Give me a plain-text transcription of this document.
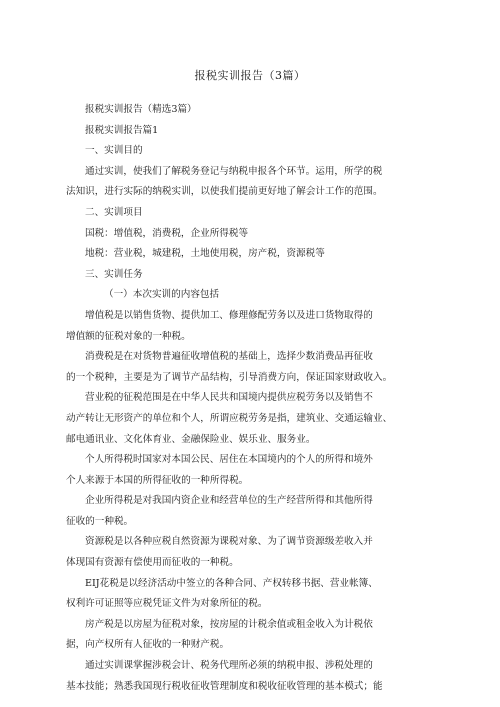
报税实训报告（3篇）
报税实训报告（精选3篇）
报税实训报告篇1
一、实训目的
通过实训，使我们了解税务登记与纳税申报各个环节。运用，所学的税
法知识，进行实际的纳税实训，以使我们提前更好地了解会计工作的范围。
二、实训项目
国税：增值税，消费税，企业所得税等
地税：营业税，城建税，土地使用税，房产税，资源税等
三、实训任务
（一）本次实训的内容包括
增值税是以销售货物、提供加工、修理修配劳务以及进口货物取得的
增值额的征税对象的一种税。
消费税是在对货物普遍征收增值税的基础上，选择少数消费品再征收
的一个税种，主要是为了调节产品结构，引导消费方向，保证国家财政收入。
营业税的征税范围是在中华人民共和国境内提供应税劳务以及销售不
动产转让无形资产的单位和个人，所谓应税劳务是指，建筑业、交通运输业、
邮电通讯业、文化体育业、金融保险业、娱乐业、服务业。
个人所得税时国家对本国公民、居住在本国境内的个人的所得和境外
个人来源于本国的所得征收的一种所得税。
企业所得税是对我国内资企业和经营单位的生产经营所得和其他所得
征收的一种税。
资源税是以各种应税自然资源为课税对象、为了调节资源级差收入并
体现国有资源有偿使用而征收的一种税。
EIJ花税是以经济活动中签立的各种合同、产权转移书据、营业帐簿、
权利许可证照等应税凭证文件为对象所征的税。
房产税是以房屋为征税对象，按房屋的计税余值或租金收入为计税依
据，向产权所有人征收的一种财产税。
通过实训课掌握涉税会计、税务代理所必须的纳税申报、涉税处理的
基本技能；熟悉我国现行税收征收管理制度和税收征收管理的基本模式；能
